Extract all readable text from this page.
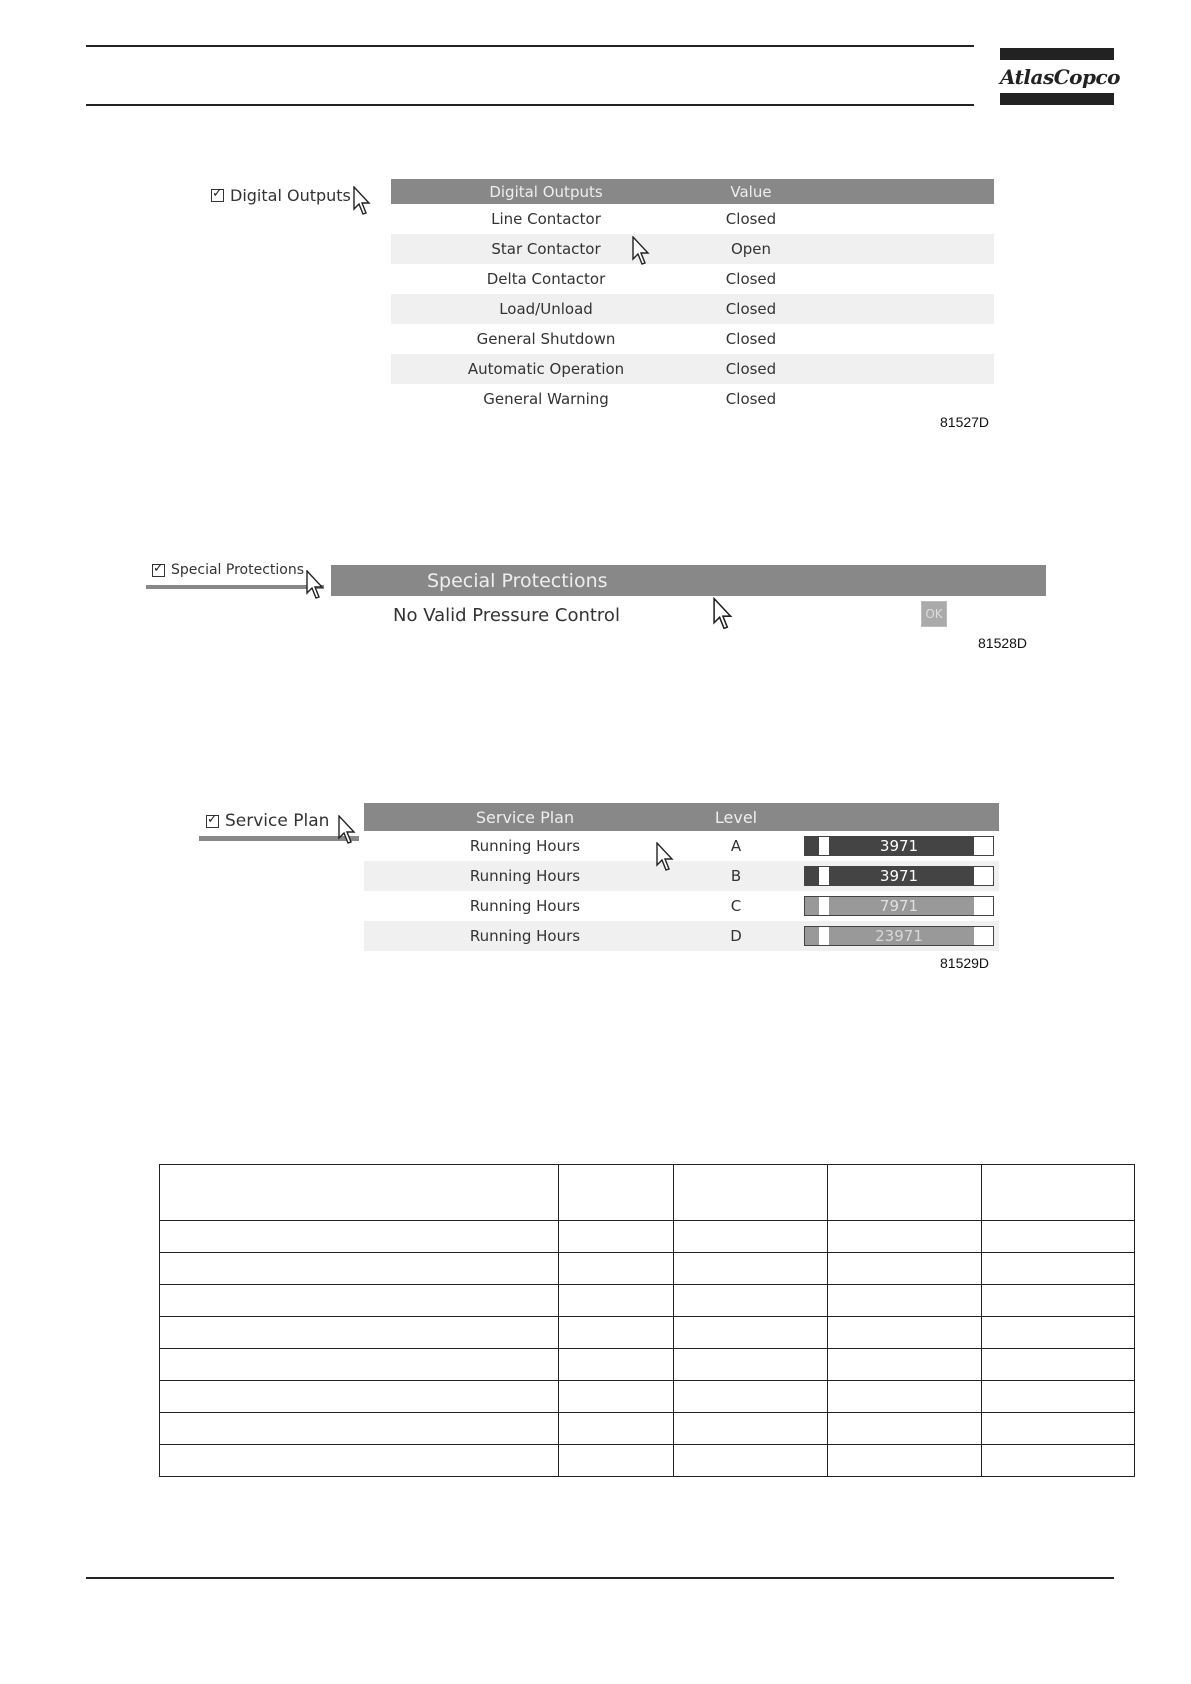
AtlasCopco
✓
Digital Outputs	Digital Outputs	Value
Line Contactor	Closed
Star Contactor	Open
Delta Contactor	Closed
Load/Unload	Closed
General Shutdown	Closed
Automatic Operation	Closed
General Warning	Closed
81527D
✓
Special Protections	Special Protections
No Valid Pressure Control	OK
81528D
✓
Service Plan	Service Plan	Level
Running Hours	A	3971
Running Hours	B	3971
Running Hours	C	7971
Running Hours	D	23971
81529D
